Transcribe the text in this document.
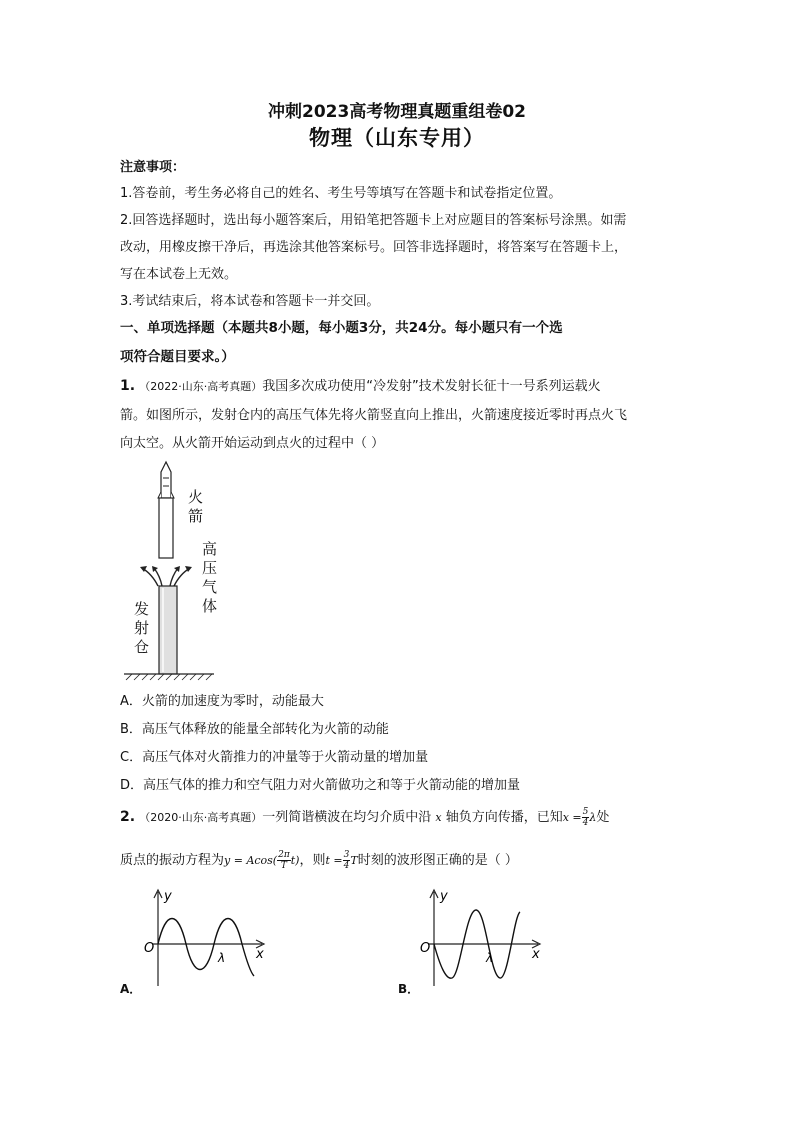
冲刺2023高考物理真题重组卷02
物理（山东专用）
注意事项：
1.答卷前，考生务必将自己的姓名、考生号等填写在答题卡和试卷指定位置。
2.回答选择题时，选出每小题答案后，用铅笔把答题卡上对应题目的答案标号涂黑。如需
改动，用橡皮擦干净后，再选涂其他答案标号。回答非选择题时，将答案写在答题卡上，
写在本试卷上无效。
3.考试结束后，将本试卷和答题卡一并交回。
一、单项选择题（本题共8小题，每小题3分，共24分。每小题只有一个选
项符合题目要求。）
1. （2022·山东·高考真题）我国多次成功使用“冷发射”技术发射长征十一号系列运载火
箭。如图所示，发射仓内的高压气体先将火箭竖直向上推出，火箭速度接近零时再点火飞
向太空。从火箭开始运动到点火的过程中（ ）
火箭
高压气体
发射仓
A．火箭的加速度为零时，动能最大
B．高压气体释放的能量全部转化为火箭的动能
C．高压气体对火箭推力的冲量等于火箭动量的增加量
D．高压气体的推力和空气阻力对火箭做功之和等于火箭动能的增加量
2. （2020·山东·高考真题）一列简谐横波在均匀介质中沿 x 轴负方向传播，已知$x = \frac{5}{4}$ λ处
质点的振动方程为$y = Acos( \frac{2\pi}{T} t)$，则$t = \frac{3}{4}$ T时刻的波形图正确的是（ ）
y
O
λ x
A．
y
O
λ	x
B．
